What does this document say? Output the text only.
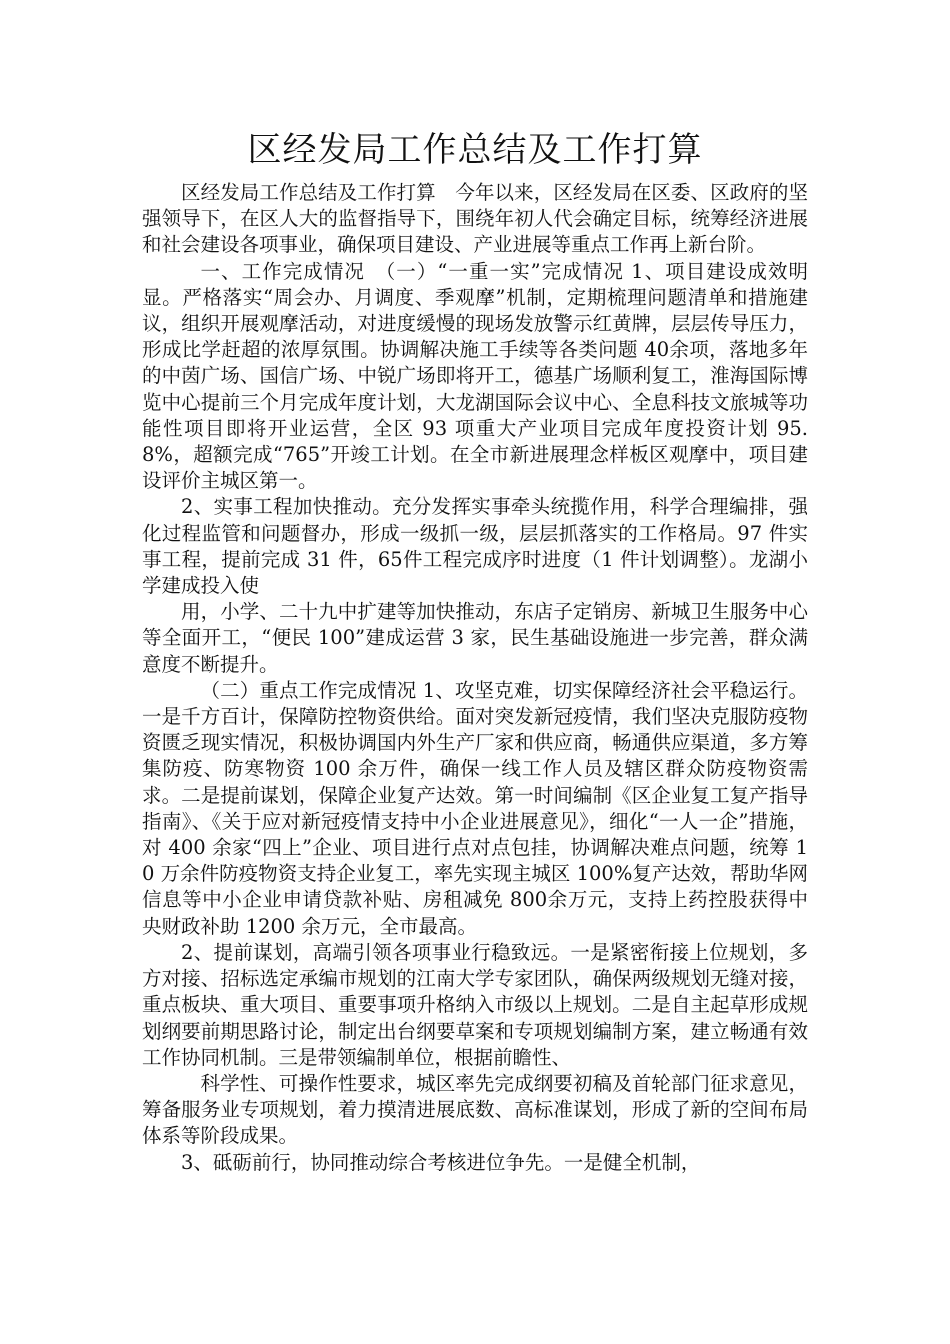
区经发局工作总结及工作打算

区经发局工作总结及工作打算　今年以来，区经发局在区委、区政府的坚强领导下，在区人大的监督指导下，围绕年初人代会确定目标，统筹经济进展和社会建设各项事业，确保项目建设、产业进展等重点工作再上新台阶。

一、工作完成情况　（一）“一重一实”完成情况 1、项目建设成效明显。严格落实“周会办、月调度、季观摩”机制，定期梳理问题清单和措施建议，组织开展观摩活动，对进度缓慢的现场发放警示红黄牌，层层传导压力，形成比学赶超的浓厚氛围。协调解决施工手续等各类问题 40余项，落地多年的中茵广场、国信广场、中锐广场即将开工，德基广场顺利复工，淮海国际博览中心提前三个月完成年度计划，大龙湖国际会议中心、全息科技文旅城等功能性项目即将开业运营，全区 93 项重大产业项目完成年度投资计划 95.8%，超额完成“765”开竣工计划。在全市新进展理念样板区观摩中，项目建设评价主城区第一。

2、实事工程加快推动。充分发挥实事牵头统揽作用，科学合理编排，强化过程监管和问题督办，形成一级抓一级，层层抓落实的工作格局。97 件实事工程，提前完成 31 件，65件工程完成序时进度（1 件计划调整）。龙湖小学建成投入使

用，小学、二十九中扩建等加快推动，东店子定销房、新城卫生服务中心等全面开工，“便民 100”建成运营 3 家，民生基础设施进一步完善，群众满意度不断提升。

（二）重点工作完成情况 1、攻坚克难，切实保障经济社会平稳运行。一是千方百计，保障防控物资供给。面对突发新冠疫情，我们坚决克服防疫物资匮乏现实情况，积极协调国内外生产厂家和供应商，畅通供应渠道，多方筹集防疫、防寒物资 100 余万件，确保一线工作人员及辖区群众防疫物资需求。二是提前谋划，保障企业复产达效。第一时间编制《区企业复工复产指导指南》、《关于应对新冠疫情支持中小企业进展意见》，细化“一人一企”措施，对 400 余家“四上”企业、项目进行点对点包挂，协调解决难点问题，统筹 10 万余件防疫物资支持企业复工，率先实现主城区 100%复产达效，帮助华网信息等中小企业申请贷款补贴、房租减免 800余万元，支持上药控股获得中央财政补助 1200 余万元，全市最高。

2、提前谋划，高端引领各项事业行稳致远。一是紧密衔接上位规划，多方对接、招标选定承编市规划的江南大学专家团队，确保两级规划无缝对接，重点板块、重大项目、重要事项升格纳入市级以上规划。二是自主起草形成规划纲要前期思路讨论，制定出台纲要草案和专项规划编制方案，建立畅通有效工作协同机制。三是带领编制单位，根据前瞻性、

科学性、可操作性要求，城区率先完成纲要初稿及首轮部门征求意见，筹备服务业专项规划，着力摸清进展底数、高标准谋划，形成了新的空间布局体系等阶段成果。

3、砥砺前行，协同推动综合考核进位争先。一是健全机制，
